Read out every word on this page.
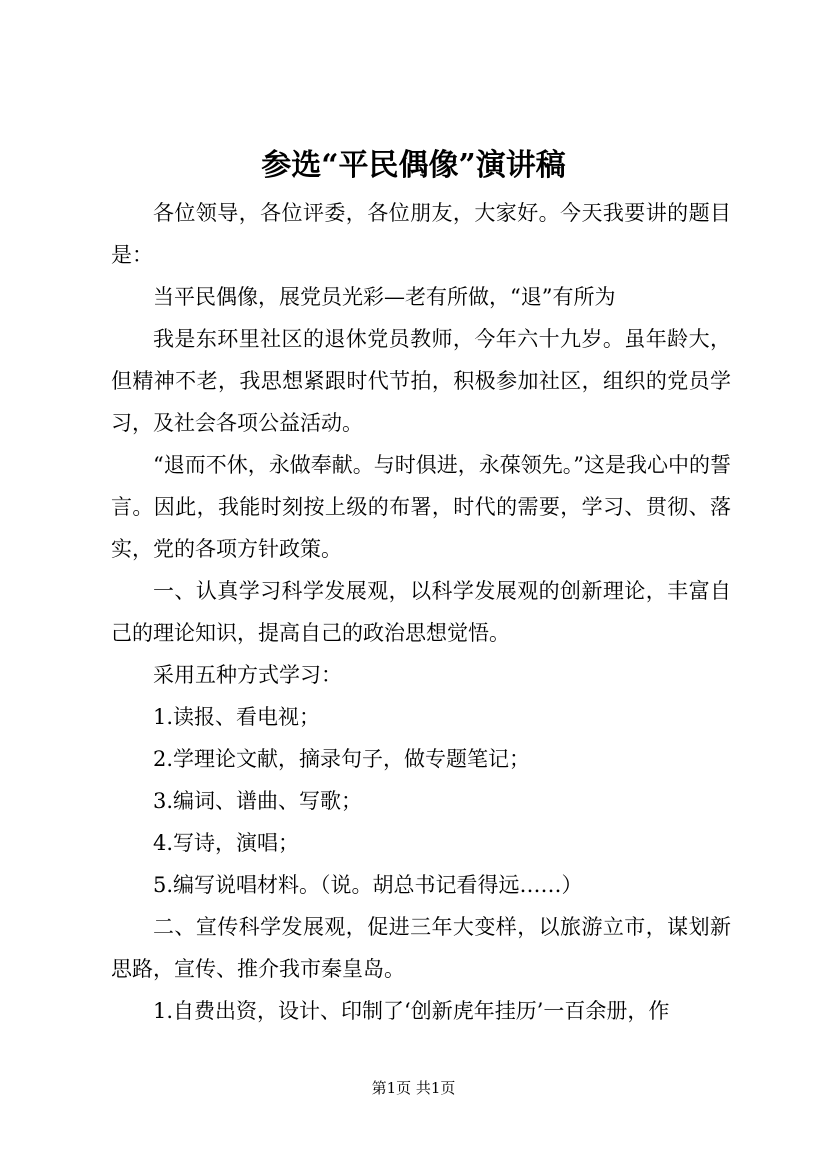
参选“平民偶像”演讲稿

各位领导，各位评委，各位朋友，大家好。今天我要讲的题目是：

当平民偶像，展党员光彩—老有所做，“退”有所为

我是东环里社区的退休党员教师，今年六十九岁。虽年龄大，但精神不老，我思想紧跟时代节拍，积极参加社区，组织的党员学习，及社会各项公益活动。

“退而不休，永做奉献。与时俱进，永葆领先。”这是我心中的誓言。因此，我能时刻按上级的布署，时代的需要，学习、贯彻、落实，党的各项方针政策。

一、认真学习科学发展观，以科学发展观的创新理论，丰富自己的理论知识，提高自己的政治思想觉悟。

采用五种方式学习：

1.读报、看电视；

2.学理论文献，摘录句子，做专题笔记；

3.编词、谱曲、写歌；

4.写诗，演唱；

5.编写说唱材料。（说。胡总书记看得远……）

二、宣传科学发展观，促进三年大变样，以旅游立市，谋划新思路，宣传、推介我市秦皇岛。

1.自费出资，设计、印制了‘创新虎年挂历’一百余册，作

第1页 共1页
